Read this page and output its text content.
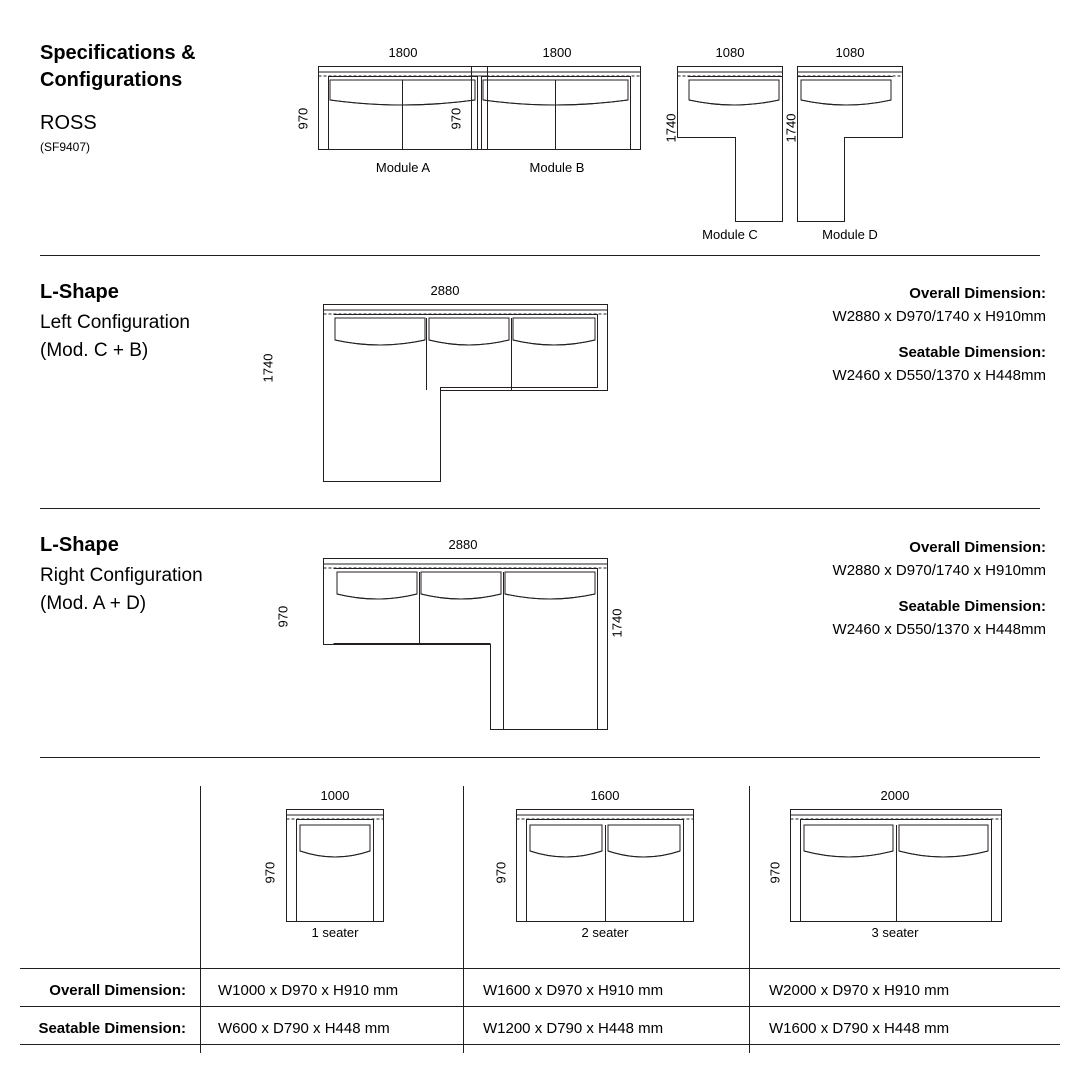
Specifications &
Configurations
ROSS
(SF9407)
1800
970
Module A
1800
970
Module B
1080
1740
Module C
1080
1740
Module D
L-Shape
Left Configuration
(Mod. C + B)
2880
1740
Overall Dimension:
W2880 x D970/1740 x H910mm
Seatable Dimension:
W2460 x D550/1370 x H448mm
L-Shape
Right Configuration
(Mod. A + D)
2880
970	1740
Overall Dimension:
W2880 x D970/1740 x H910mm
Seatable Dimension:
W2460 x D550/1370 x H448mm
1000
970
1 seater
1600
970
2 seater
2000
970
3 seater
Overall Dimension: W1000 x D970 x H910 mm	W1600 x D970 x H910 mm	W2000 x D970 x H910 mm
Seatable Dimension: W600 x D790 x H448 mm	W1200 x D790 x H448 mm	W1600 x D790 x H448 mm
